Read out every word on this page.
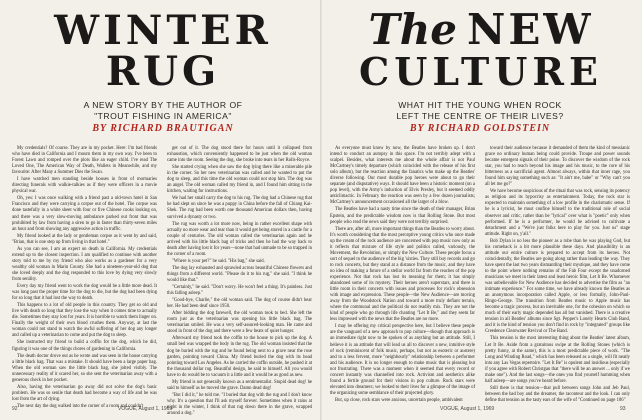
WINTER
RUG
A NEW STORY BY THE AUTHOR OF
"TROUT FISHING IN AMERICA"
BY RICHARD BRAUTIGAN

My credentials? Of course. They are in my pocket. Here: I'm bad friends who have died in California and I mourn them in my own way. I've been to Forest Lawn and romped over the plots like an eager child. I've read The Loved One, The American Way of Death, Wallets in Meanwhile, and my favourite: After Many a Summer Dies the Swan.

I have watched men standing beside houses in front of mortuaries directing funerals with walkie-talkies as if they were officers in a movie physical war.

Oh, yes: I was once walking with a friend past a old-town hotel in San Francisco and they were carrying a corpse out of the hotel. The corpse was done tastefully in a white sheet with four or five Chinese cooks looking on, and there was a very slow-moving ambulance parked out front that was prohibited by law from having a siren to go in faster than thirty-seven miles an hour and from showing any aggressive action in traffic.

My friend looked at the lady or gentleman corpse as it went by and said, "Brian, that is one step up from living in that hotel."

As you can see, I am an expert on death in California. My credentials extend up to the closest inspection. I am qualified to continue with another story told to me by my friend who also works as a gardener for a very wealthy old woman in Marin County. She had a nineteen-year-old dog that she loved deeply and the dog responded to this love by dying very slowly from senility.

Every day my friend went to work the dog would be a little more dead. It was long past the proper time for the dog to die, but the dog had been dying for so long that it had lost the way to death.

This happens to a lot of old people in this country. They get so old and live with death so long that they lose the way when it comes time to actually die. Sometimes they stay lost for years. It is horrible to watch them linger on. Finally the weight of their own blood crushes them. Anyway, at last the woman could not stand to watch the awful suffering of her dog any longer and called up a veterinarian to come and put the dog to sleep.

She instructed my friend to build a coffin for the dog, which he did, figuring it was one of the things chores of gardening in California.

The death doctor drove out as he wrote and was seen in the house carrying a little black bag. That was a mistake. It should have been a large paper bag. When the old woman saw the little black bag, she jolted visibly. The unnecessary reality of it scared her, so she sent the veterinarian away with a generous check in her pocket.

Also, having the veterinarian go away did not solve the dog's basic problem. He was so senile that death had become a way of life and he was lost from the art of dying.

The next day the dog walked into the corner of a room and couldn't

get out of it. The dog stood there for hours until it collapsed from exhaustion, which conveniently happened to be just when the old woman came into the room. Seeing the dog, she broke into tears in her Rolls-Royce.

She started crying when she saw the dog lying there like a miserable pile in the corner. So her new veterinarian was called and he wanted to put the dog to sleep, and this time the old woman could not stop him. The dog was an angel. The old woman called my friend in, and I found him sitting in the kitchen, waiting for instructions.

We had her small carry the dog to his rug. The dog had a Chinese rug that he had slept on since he was a puppy in China before the fall of Chiang Kai-Shek. The rug had been worth one thousand American dollars then, having survived a dynasty or two.

The rug was worth a lot more now, being in rather excellent shape with actually no more wear and tear than it would get being stored in a castle for a couple of centuries. The old woman called the veterinarian again and he arrived with his little black bag of tricks and then he had the way back to death after having lost it for years—none that had unmade to be so trapped in the corner of a room.

"Where is your pet?" he said. "His bag," she said.

The dog lay exhausted and sprawled across beautiful Chinese flowers and things from a different world. "Please do it to his rug," she said. "I think he would like that."

"Certainly," he said. "Don't worry. He won't feel a thing. It's painless. Just this falling asleep."

"Good-bye, Charlie," the old woman said. The dog of course didn't hear her. He had been deaf since 1950.

After bidding the dog farewell, the old woman took to bed. She left the room just as the veterinarian was opening his little black bag. The veterinarian smiled. He was a very self-assured-looking man. He came and stood in front of the dog and there were a few beats of quiet hunger.

Afterward my friend took the coffin to the house to pick up the dog. A small bed was wrapped the body in the rug. The old woman insisted that the dog be buried with the rug and he found being next to a grave near the rose garden, pointing toward China. My friend buried the dog with its head pointing toward Los Angeles. As he carried the coffin outside, he pushed it at the thousand dollar rug. Beautiful design, he said to himself. All you would have to do would be to vacuum it a little and it would be as good as new.

My friend is not generally known as a sentimentalist. Stupid dead dog! he said to himself as he moved the grave. Damn dead dog!

"But I did it," he told me. "I buried that dog with the rug and I don't know why. It's a question that I'll ask myself forever. Sometimes when it rains at night in the winter, I think of that rug down there in the grave, wrapped around a dog."

92	VOGUE, August 1, 1969
The NEW
CULTURE
WHAT HIT THE YOUNG WHEN ROCK
LEFT THE CENTRE OF THEIR LIVES?
BY RICHARD GOLDSTEIN

As everyone must know by now, the Beatles have broken up. I don't intend to conduct an autopsy in this space. I'm not terribly adept with a scalpel. Besides, what interests me about the whole affair is not Paul McCartney's timely departure (which coincided with the release of his first solo album), but the reaction among the fanatics who make up the Beatles' diverse following. Our most durable pop heroes were about to go their separate (and disputative) ways. It should have been a historic moment (on a pop level), with the Army's induction of Elvis Presley, but it seemed oddly anticlimactic. In February the reaction was seen by a few dozen journalists; McCartney's announcement occasioned all the larger of a blow.

The Beatles have had a nasty time since the death of their manager, Brian Epstein, and the predictable wisdom now is that Rolling Stone. But most people who read the news said they were not terribly surprised.

There are, after all, more important things than the Beatles to worry about. It's worth considering that the most perceptive young critics who once made up the cream of the rock audience are concerned with pop music now only as it reflects that mixture of life style and politics called, variously, the Movement, the Revolution, or simply the New Culture. These people focus a sort of sequel to the audience of the big 'sixties. They still buy records and go to rock concerts, but they stand at a distance from the music, and they have no idea of making a future of a stellar world far from the reaches of the pop experience. Not that rock has lost its meaning for them; it has simply abandoned some of its mystery. Their heroes aren't superstars, and there is little room in their concerts with issues and processes for rock's obsession with image and expression. These people—the New Audience—are moving away from the Woodstock Nation and toward a more truly defiant terrain, where the communal and the political do not readily mix. They are not the kind of people who go through life chanting "Let It Be," and they seem far less impressed with the news that the Beatles are no more.

I may be offering my critical perspective here, but I believe these people are the vanguard of a new approach to pop culture—though that approach is an immediate right now to be spoken of as anything but an attitude. Still, I believe it is an attitude that will lead us all to discover a new, intuitive style of rock (reminiscent of folk music, perhaps, but not as esoteric or austere) and to a less fervent, more "neighbourly" relationship between a performer and his audience. It is no longer enough to make music that is pleasing but not frustrating. There was a moment when it seemed that every record or concert instantly was channelled into rock. Activism and aesthetics alike found a fertile ground for their visions in pop culture. Rock stars were elevated into dreamers; we looked to their lives for a glimpse of the image of the organizing some semblance of their projected glory.

But, up close, rock stars were anxious, uncertain people, ambivalent

toward their audience because it demanded of them the kind of messianic grace no ordinary human being could provide. Troupe and power sounds became emergent signals of their poise. To discover the wisdom of the rock star, you had to reach beyond his image and his music, to the core of his bitterness as a sacrificial agent. Almost always, within that inner rage, you found him saying something such as: "It ain't me, babe" or "Why can't you all let me go?"

We have become suspicious of the ritual that was rock, sensing its potency as religion and its hypocrisy as entertainment. Today, the rock star is expected to maintain something of a low profile in the charismatic sense. If he is a lyricist, he must confine himself to the traditional role of social observer and critic, rather than be "lyrical" over what is "poetic" only when performed. If he is a performer, he would be advised to cultivate a detachment and a "We're just folks here to play for you. Just us" stage attitude. Right on, y'all."

Bob Dylan is no less the pioneer as a rube than he was playing God, but his comeback is a bit more plausible these days. And plausibility is an attitude our entire culture is prepared to accept from its heroes. Not coincidentally, the Beatles are going along rather than leading the way. They have spent the last two years dismantling their mystique, and they have come to the point where nothing remains of the Fab Four except the unadorned musicians we meet in their latest and least heroic film, Let It Be. Whomever was unbelievable for New Audience has decided to advertise the film as "an intimate experience." For some time, we have already known the Beatles as an anonymous incorporation called Apple, or less formally, John-Paul-Ringo-George. The transition from Beatles music to Apple music has become a tragic process, but an inevitable one, for the cohesion on which so much of their early magic depended has all but vanished. There is a creative tension in all Beatles' albums since Sgt. Pepper's Lonely Hearts Club Band, and it is the kind of tension you don't find in rock by "integrated" groups like Creedence Clearwater Revival or The Band.

This tension is the most interesting thing about the Beatles' latest album, Let It Be. Aside from a gratuitous swipe at the Rolling Stones (which is pretty funny, at the same), this is a most predictable piece of work. "The Long and Winding Road," which has been released as a single, will fit neatly into any Las Vegas repertoire. "Let It Be" is opulent and insidious (especially if you agree with Robert Christgau that "there will be an answer ... only if we make one"). And the last songs—the ones you find yourself humming when half asleep—are songs you've heard before.

Still there is that tension—that pull between songs John and Jeb Paul, between the bad boy and the dreamer, the raconteur and the look. I can only define that tension as the tasty ears of the wife of "Continued on page 106"

VOGUE, August 1, 1969	93
